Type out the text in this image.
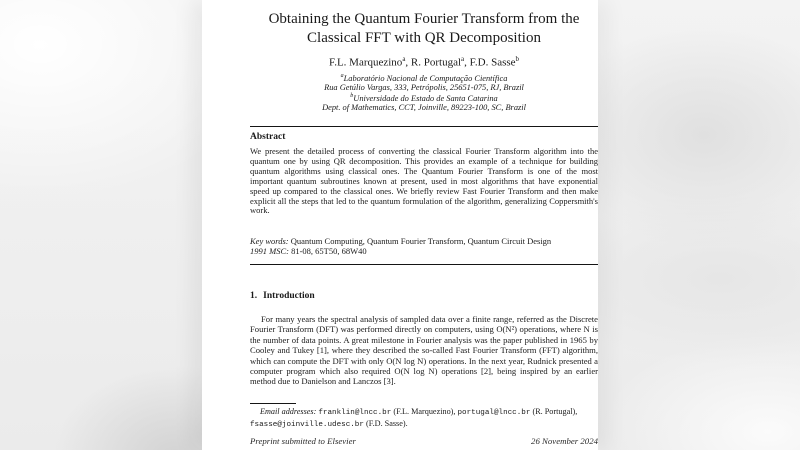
Obtaining the Quantum Fourier Transform from the
Classical FFT with QR Decomposition
F.L. Marquezino$^a$, R. Portugal$^a$, F.D. Sasse$^b$
$^a$Laboratório Nacional de Computação Científica
Rua Getúlio Vargas, 333, Petrópolis, 25651-075, RJ, Brazil
$^b$Universidade do Estado de Santa Catarina
Dept. of Mathematics, CCT, Joinville, 89223-100, SC, Brazil
Abstract
We present the detailed process of converting the classical Fourier Transform algorithm into the quantum one by using QR decomposition. This provides an example of a technique for building quantum algorithms using classical ones. The Quantum Fourier Transform is one of the most important quantum subroutines known at present, used in most algorithms that have exponential speed up compared to the classical ones. We briefly review Fast Fourier Transform and then make explicit all the steps that led to the quantum formulation of the algorithm, generalizing Coppersmith's work.
Key words: Quantum Computing, Quantum Fourier Transform, Quantum Circuit Design
1991 MSC: 81-08, 65T50, 68W40
1. Introduction
For many years the spectral analysis of sampled data over a finite range, referred as the Discrete Fourier Transform (DFT) was performed directly on computers, using O(N²) operations, where N is the number of data points. A great milestone in Fourier analysis was the paper published in 1965 by Cooley and Tukey [1], where they described the so-called Fast Fourier Transform (FFT) algorithm, which can compute the DFT with only O(N log N) operations. In the next year, Rudnick presented a computer program which also required O(N log N) operations [2], being inspired by an earlier method due to Danielson and Lanczos [3].
Email addresses: franklin@lncc.br (F.L. Marquezino), portugal@lncc.br (R. Portugal), fsasse@joinville.udesc.br (F.D. Sasse).
Preprint submitted to Elsevier	26 November 2024
